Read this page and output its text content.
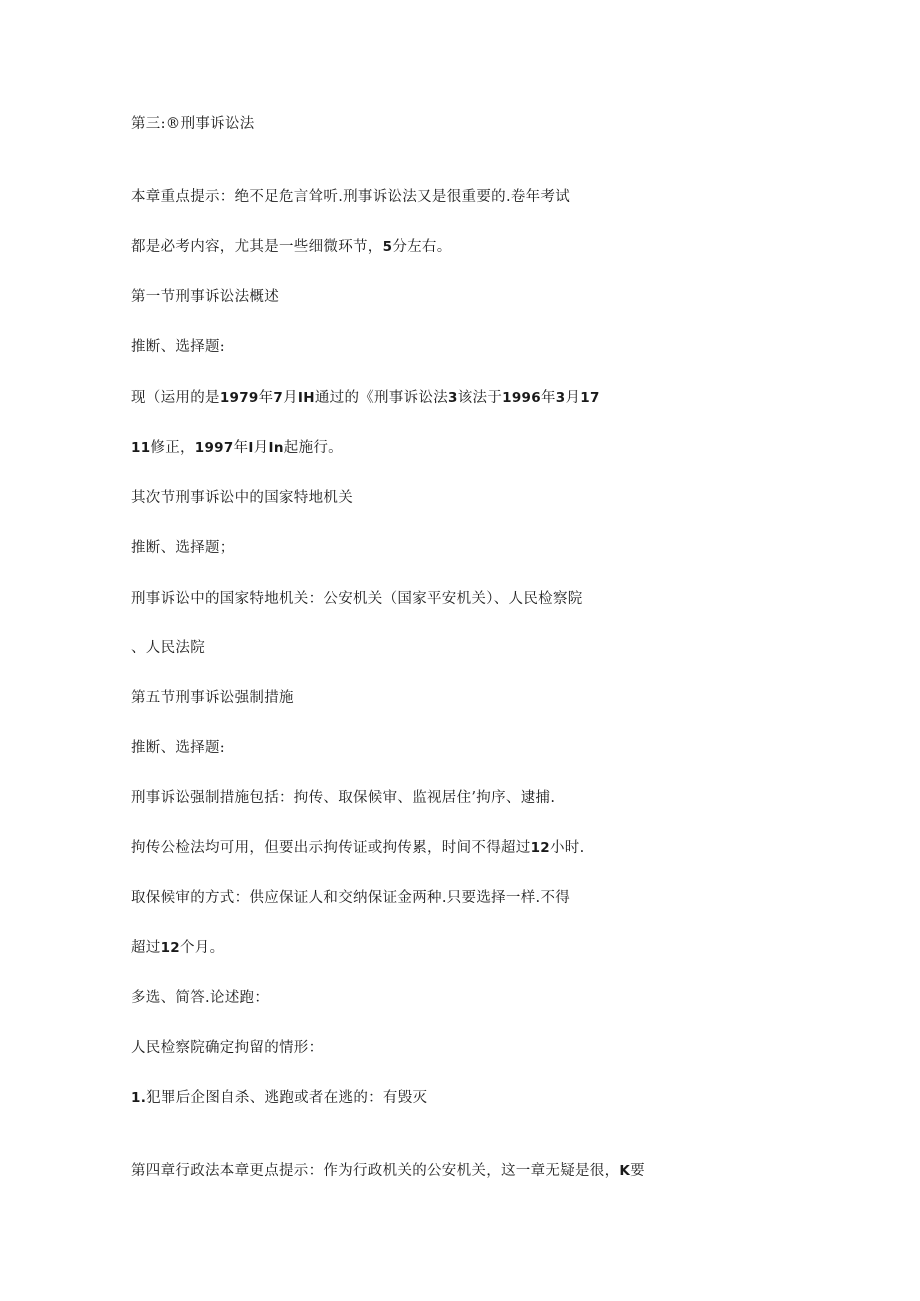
第三:®刑事诉讼法
本章重点提示：绝不足危言耸听.刑事诉讼法又是很重要的.卷年考试
都是必考内容，尤其是一些细微环节，5分左右。
第一节刑事诉讼法概述
推断、选择题:
现（运用的是1979年7月IH通过的《刑事诉讼法3该法于1996年3月17
11修正，1997年I月In起施行。
其次节刑事诉讼中的国家特地机关
推断、选择题；
刑事诉讼中的国家特地机关：公安机关（国家平安机关）、人民检察院
、人民法院
第五节刑事诉讼强制措施
推断、选择题:
刑事诉讼强制措施包括：拘传、取保候审、监视居住’拘序、逮捕.
拘传公检法均可用，但要出示拘传证或拘传累，时间不得超过12小时.
取保候审的方式：供应保证人和交纳保证金两种.只要选择一样.不得
超过12个月。
多选、简答.论述跑：
人民检察院确定拘留的情形：
1.犯罪后企图自杀、逃跑或者在逃的：有毁灭
第四章行政法本章更点提示：作为行政机关的公安机关，这一章无疑是很，K要
